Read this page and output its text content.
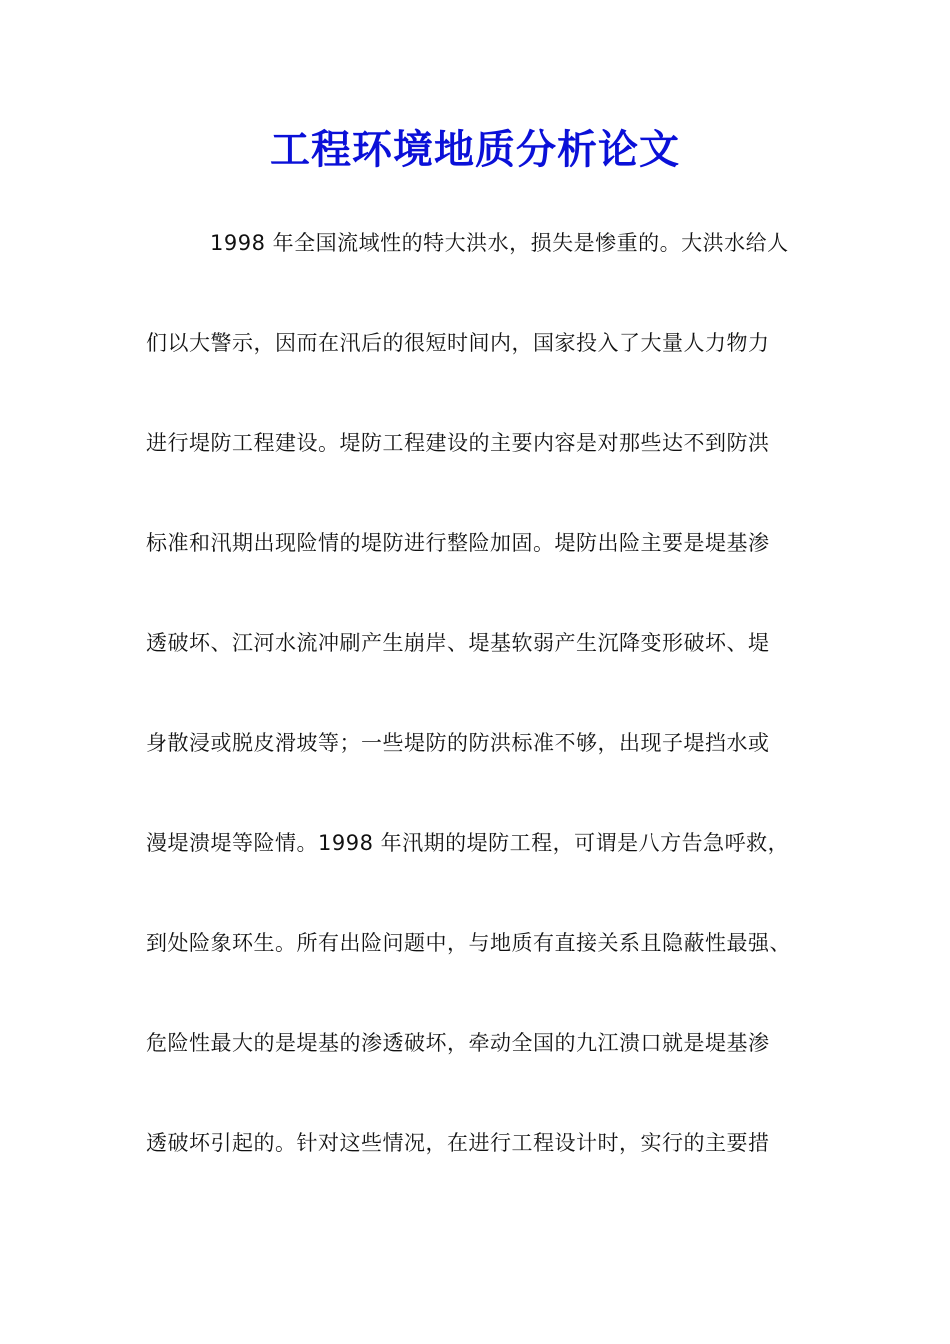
工程环境地质分析论文
1998 年全国流域性的特大洪水，损失是惨重的。大洪水给人
们以大警示，因而在汛后的很短时间内，国家投入了大量人力物力
进行堤防工程建设。堤防工程建设的主要内容是对那些达不到防洪
标准和汛期出现险情的堤防进行整险加固。堤防出险主要是堤基渗
透破坏、江河水流冲刷产生崩岸、堤基软弱产生沉降变形破坏、堤
身散浸或脱皮滑坡等；一些堤防的防洪标准不够，出现子堤挡水或
漫堤溃堤等险情。1998 年汛期的堤防工程，可谓是八方告急呼救，
到处险象环生。所有出险问题中，与地质有直接关系且隐蔽性最强、
危险性最大的是堤基的渗透破坏，牵动全国的九江溃口就是堤基渗
透破坏引起的。针对这些情况，在进行工程设计时，实行的主要措
